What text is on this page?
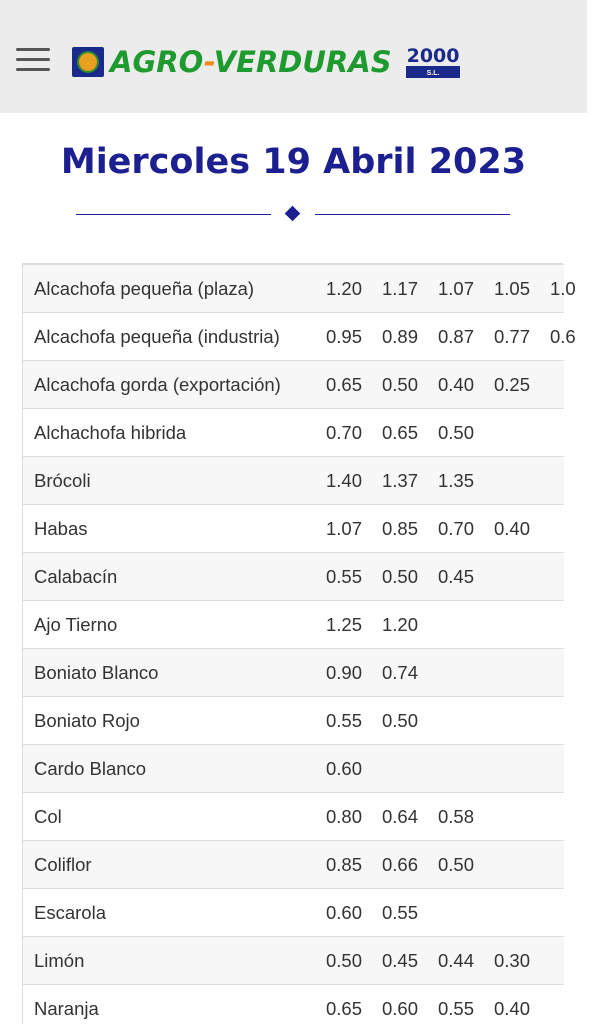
AGRO-VERDURAS 2000
S.L.
Miercoles 19 Abril 2023
Alcachofa pequeña (plaza)	1.20	1.17	1.07	1.05	1.0
Alcachofa pequeña (industria)	0.95	0.89	0.87	0.77	0.6
Alcachofa gorda (exportación)	0.65	0.50	0.40	0.25
Alchachofa hibrida	0.70	0.65	0.50
Brócoli	1.40	1.37	1.35
Habas	1.07	0.85	0.70	0.40
Calabacín	0.55	0.50	0.45
Ajo Tierno	1.25	1.20
Boniato Blanco	0.90	0.74
Boniato Rojo	0.55	0.50
Cardo Blanco	0.60
Col	0.80	0.64	0.58
Coliflor	0.85	0.66	0.50
Escarola	0.60	0.55
Limón	0.50	0.45	0.44	0.30
Naranja	0.65	0.60	0.55	0.40
